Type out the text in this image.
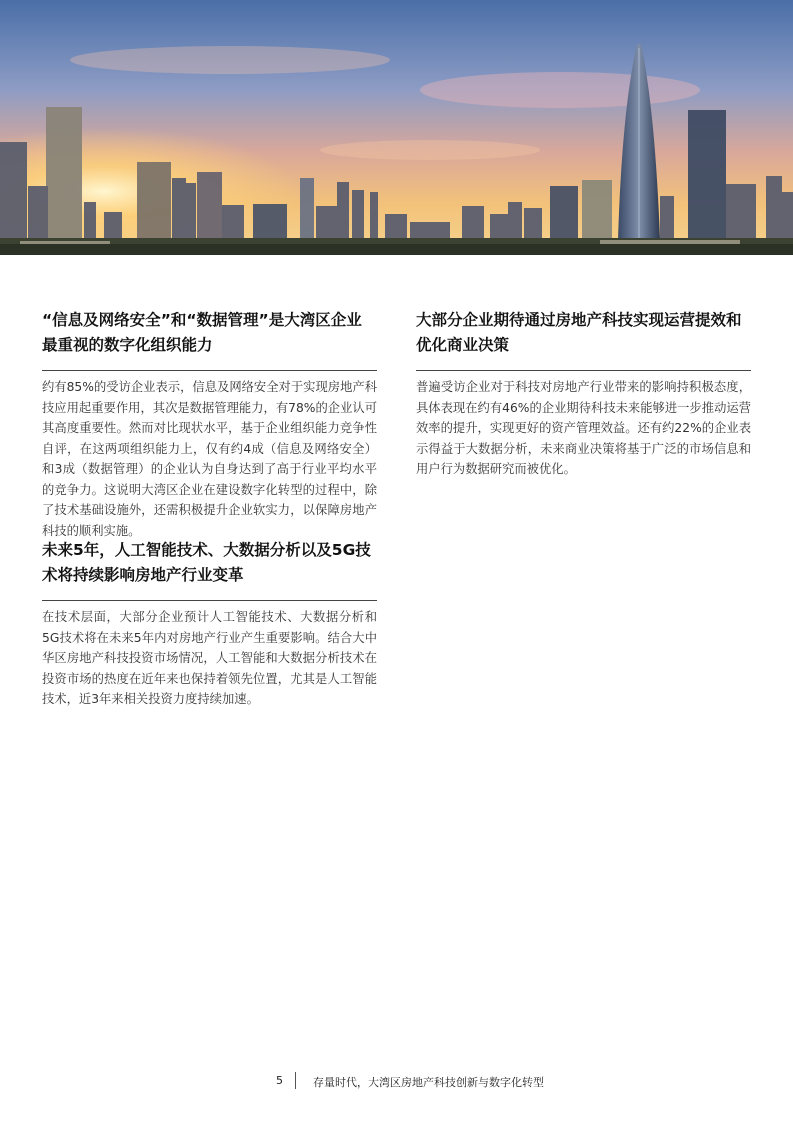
“信息及网络安全”和“数据管理”是大湾区企业最重视的数字化组织能力

约有85%的受访企业表示，信息及网络安全对于实现房地产科技应用起重要作用，其次是数据管理能力，有78%的企业认可其高度重要性。然而对比现状水平，基于企业组织能力竞争性自评，在这两项组织能力上，仅有约4成（信息及网络安全）和3成（数据管理）的企业认为自身达到了高于行业平均水平的竞争力。这说明大湾区企业在建设数字化转型的过程中，除了技术基础设施外，还需积极提升企业软实力，以保障房地产科技的顺利实施。

未来5年，人工智能技术、大数据分析以及5G技术将持续影响房地产行业变革

在技术层面，大部分企业预计人工智能技术、大数据分析和5G技术将在未来5年内对房地产行业产生重要影响。结合大中华区房地产科技投资市场情况，人工智能和大数据分析技术在投资市场的热度在近年来也保持着领先位置，尤其是人工智能技术，近3年来相关投资力度持续加速。

大部分企业期待通过房地产科技实现运营提效和优化商业决策

普遍受访企业对于科技对房地产行业带来的影响持积极态度，具体表现在约有46%的企业期待科技未来能够进一步推动运营效率的提升，实现更好的资产管理效益。还有约22%的企业表示得益于大数据分析，未来商业决策将基于广泛的市场信息和用户行为数据研究而被优化。

5	存量时代，大湾区房地产科技创新与数字化转型
